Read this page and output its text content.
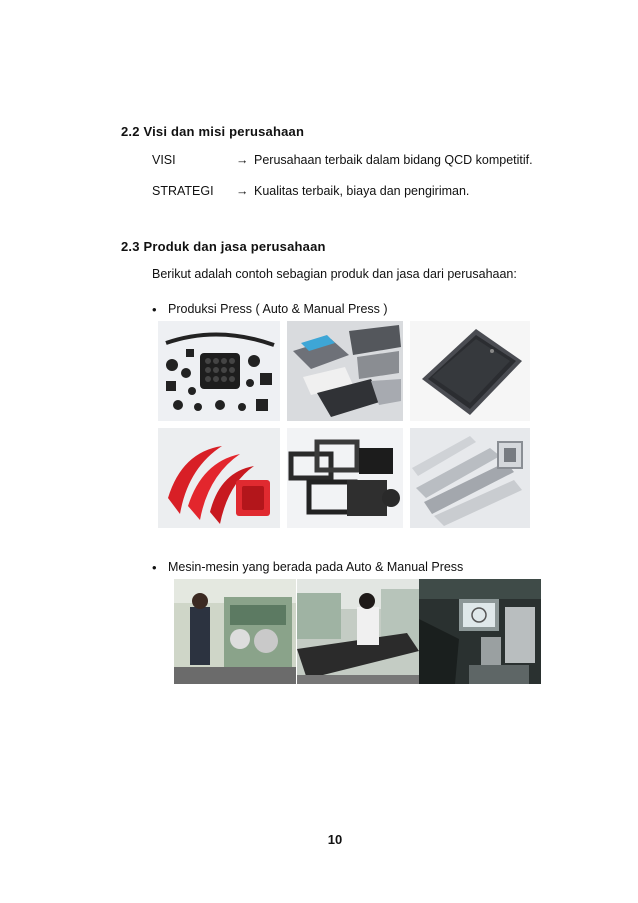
2.2 Visi dan misi perusahaan
VISI	→ Perusahaan terbaik dalam bidang QCD kompetitif.
STRATEGI → Kualitas terbaik, biaya dan pengiriman.
2.3 Produk dan jasa perusahaan
Berikut adalah contoh sebagian produk dan jasa dari perusahaan:
• Produksi Press ( Auto & Manual Press )
• Mesin-mesin yang berada pada Auto & Manual Press
10
